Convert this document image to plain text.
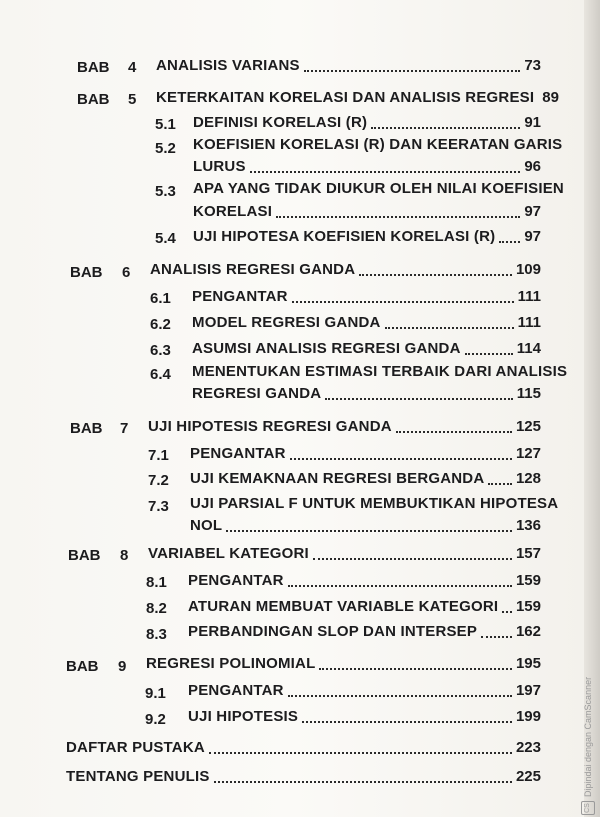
BAB 4 ANALISIS VARIANS	73
BAB 5 KETERKAITAN KORELASI DAN ANALISIS REGRESI 89
5.1 DEFINISI KORELASI (R)	91
5.2 KOEFISIEN KORELASI (R) DAN KEERATAN GARIS
LURUS	96
5.3 APA YANG TIDAK DIUKUR OLEH NILAI KOEFISIEN
KORELASI	97
5.4 UJI HIPOTESA KOEFISIEN KORELASI (R) 97
BAB 6 ANALISIS REGRESI GANDA	109
6.1 PENGANTAR	111
6.2 MODEL REGRESI GANDA	111
6.3 ASUMSI ANALISIS REGRESI GANDA	114
6.4 MENENTUKAN ESTIMASI TERBAIK DARI ANALISIS
REGRESI GANDA	115
BAB 7 UJI HIPOTESIS REGRESI GANDA	125
7.1 PENGANTAR	127
7.2 UJI KEMAKNAAN REGRESI BERGANDA 128
7.3 UJI PARSIAL F UNTUK MEMBUKTIKAN HIPOTESA
NOL	136
BAB 8 VARIABEL KATEGORI	157
8.1 PENGANTAR	159
8.2 ATURAN MEMBUAT VARIABLE KATEGORI 159
8.3 PERBANDINGAN SLOP DAN INTERSEP	162
BAB 9 REGRESI POLINOMIAL	195
9.1 PENGANTAR	197
9.2 UJI HIPOTESIS	199
DAFTAR PUSTAKA	223
TENTANG PENULIS	225
CS
Dipindai dengan CamScanner
